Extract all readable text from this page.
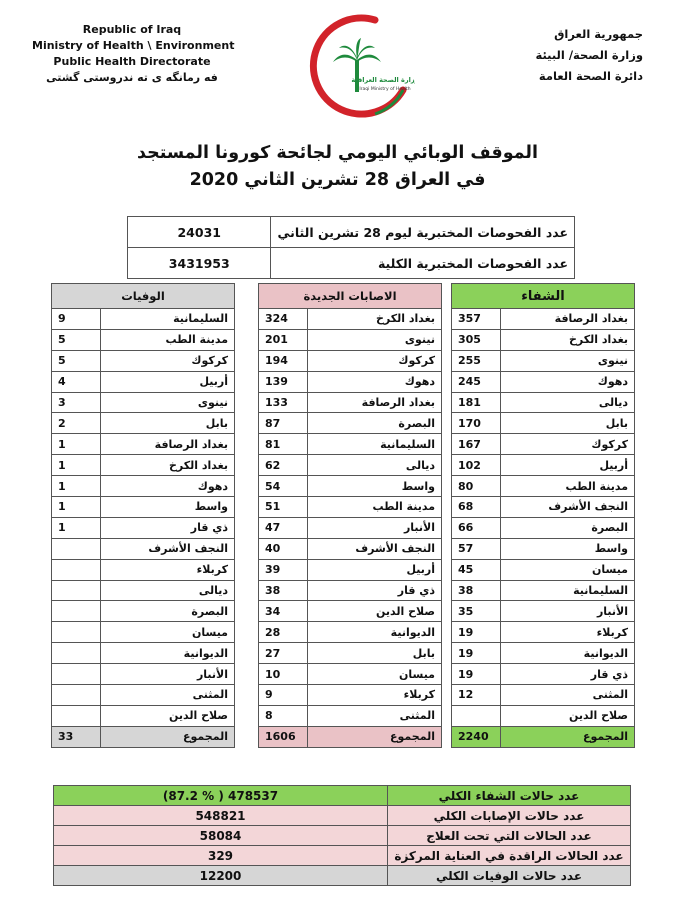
Republic of Iraq
Ministry of Health \ Environment
Public Health Directorate
فه رمانگه ى ته ندروستى گشتى	وزارة الصحة العراقية
Iraqi Ministry of Health
جمهورية العراق
وزارة الصحة/ البيئة
دائرة الصحة العامة
الموقف الوبائي اليومي لجائحة كورونا المستجد
في العراق 28 تشرين الثاني 2020
24031	عدد الفحوصات المختبرية ليوم 28 تشرين الثاني
3431953	عدد الفحوصات المختبرية الكلية
الشفاء	
357	بغداد الرصافة
305	بغداد الكرخ
255	نينوى
245	دهوك
181	ديالى
170	بابل
167	كركوك
102	أربيل
80	مدينة الطب
68	النجف الأشرف
66	البصرة
57	واسط
45	ميسان
38	السليمانية
35	الأنبار
19	كربلاء
19	الديوانية
19	ذي قار
12	المثنى
	صلاح الدين
2240	المجموع
الاصابات الجديدة	
324	بغداد الكرخ
201	نينوى
194	كركوك
139	دهوك
133	بغداد الرصافة
87	البصرة
81	السليمانية
62	ديالى
54	واسط
51	مدينة الطب
47	الأنبار
40	النجف الأشرف
39	أربيل
38	ذي قار
34	صلاح الدين
28	الديوانية
27	بابل
10	ميسان
9	كربلاء
8	المثنى
1606	المجموع
الوفيات	
9	السليمانية
5	مدينة الطب
5	كركوك
4	أربيل
3	نينوى
2	بابل
1	بغداد الرصافة
1	بغداد الكرخ
1	دهوك
1	واسط
1	ذي قار
	النجف الأشرف
	كربلاء
	ديالى
	البصرة
	ميسان
	الديوانية
	الأنبار
	المثنى
	صلاح الدين
33	المجموع
(87.2 % ) 478537	عدد حالات الشفاء الكلي
548821	عدد حالات الإصابات الكلي
58084	عدد الحالات التي تحت العلاج
329	عدد الحالات الراقدة في العناية المركزة
12200	عدد حالات الوفيات الكلي
